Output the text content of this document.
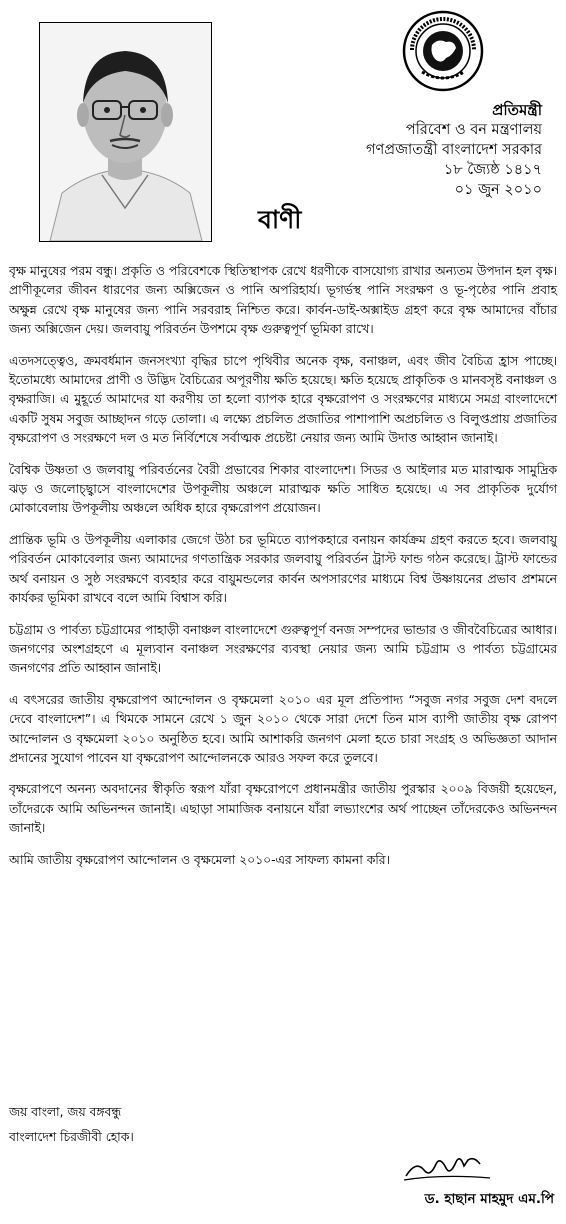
প্রতিমন্ত্রী
পরিবেশ ও বন মন্ত্রণালয়
গণপ্রজাতন্ত্রী বাংলাদেশ সরকার
১৮ জ্যৈষ্ঠ ১৪১৭
০১ জুন ২০১০
বাণী

বৃক্ষ মানুষের পরম বন্ধু। প্রকৃতি ও পরিবেশকে স্থিতিস্থাপক রেখে ধরণীকে বাসযোগ্য রাখার অন্যতম উপদান হল বৃক্ষ। প্রাণীকূলের জীবন ধারণের জন্য অক্সিজেন ও পানি অপরিহার্য। ভূগর্ভস্থ পানি সংরক্ষণ ও ভূ-পৃষ্ঠের পানি প্রবাহ অক্ষুন্ন রেখে বৃক্ষ মানুষের জন্য পানি সরবরাহ নিশ্চিত করে। কার্বন-ডাই-অক্সাইড গ্রহণ করে বৃক্ষ আমাদের বাঁচার জন্য অক্সিজেন দেয়। জলবায়ু পরিবর্তন উপশমে বৃক্ষ গুরুত্বপূর্ণ ভূমিকা রাখে।

এতদসত্ত্বেও, ক্রমবর্ধমান জনসংখ্যা বৃদ্ধির চাপে পৃথিবীর অনেক বৃক্ষ, বনাঞ্চল, এবং জীব বৈচিত্র হ্রাস পাচ্ছে। ইতোমধ্যে আমাদের প্রাণী ও উদ্ভিদ বৈচিত্রের অপূরণীয় ক্ষতি হয়েছে। ক্ষতি হয়েছে প্রাকৃতিক ও মানবসৃষ্ট বনাঞ্চল ও বৃক্ষরাজি। এ মুহূর্তে আমাদের যা করণীয় তা হলো ব্যাপক হারে বৃক্ষরোপণ ও সংরক্ষণের মাধ্যমে সমগ্র বাংলাদেশে একটি সুষম সবুজ আচ্ছাদন গড়ে তোলা। এ লক্ষ্যে প্রচলিত প্রজাতির পাশাপাশি অপ্রচলিত ও বিলুপ্তপ্রায় প্রজাতির বৃক্ষরোপণ ও সংরক্ষণে দল ও মত নির্বিশেষে সর্বাত্মক প্রচেষ্টা নেয়ার জন্য আমি উদাত্ত আহ্বান জানাই।

বৈশ্বিক উষ্ণতা ও জলবায়ু পরিবর্তনের বৈরী প্রভাবের শিকার বাংলাদেশ। সিডর ও আইলার মত মারাত্মক সামুদ্রিক ঝড় ও জলোচ্ছ্বাসে বাংলাদেশের উপকূলীয় অঞ্চলে মারাত্মক ক্ষতি সাধিত হয়েছে। এ সব প্রাকৃতিক দুর্যোগ মোকাবেলায় উপকূলীয় অঞ্চলে অধিক হারে বৃক্ষরোপণ প্রয়োজন।

প্রান্তিক ভূমি ও উপকূলীয় এলাকার জেগে উঠা চর ভূমিতে ব্যাপকহারে বনায়ন কার্যক্রম গ্রহণ করতে হবে। জলবায়ু পরিবর্তন মোকাবেলার জন্য আমাদের গণতান্ত্রিক সরকার জলবায়ু পরিবর্তন ট্রাস্ট ফান্ড গঠন করেছে। ট্রাস্ট ফান্ডের অর্থ বনায়ন ও সুষ্ঠ সংরক্ষণে ব্যবহার করে বায়ুমন্ডলের কার্বন অপসারণের মাধ্যমে বিশ্ব উষ্ণায়নের প্রভাব প্রশমনে কার্যকর ভূমিকা রাখবে বলে আমি বিশ্বাস করি।

চট্টগ্রাম ও পার্বত্য চট্টগ্রামের পাহাড়ী বনাঞ্চল বাংলাদেশে গুরুত্বপূর্ণ বনজ সম্পদের ভান্ডার ও জীববৈচিত্রের আধার। জনগণের অংশগ্রহণে এ মূল্যবান বনাঞ্চল সংরক্ষণের ব্যবস্থা নেয়ার জন্য আমি চট্টগ্রাম ও পার্বত্য চট্টগ্রামের জনগণের প্রতি আহ্বান জানাই।

এ বৎসরের জাতীয় বৃক্ষরোপণ আন্দোলন ও বৃক্ষমেলা ২০১০ এর মূল প্রতিপাদ্য “সবুজ নগর সবুজ দেশ বদলে দেবে বাংলাদেশ”। এ থিমকে সামনে রেখে ১ জুন ২০১০ থেকে সারা দেশে তিন মাস ব্যাপী জাতীয় বৃক্ষ রোপণ আন্দোলন ও বৃক্ষমেলা ২০১০ অনুষ্ঠিত হবে। আমি আশাকরি জনগণ মেলা হতে চারা সংগ্রহ ও অভিজ্ঞতা আদান প্রদানের সুযোগ পাবেন যা বৃক্ষরোপণ আন্দোলনকে আরও সফল করে তুলবে।

বৃক্ষরোপণে অনন্য অবদানের স্বীকৃতি স্বরূপ যাঁরা বৃক্ষরোপণে প্রধানমন্ত্রীর জাতীয় পুরস্কার ২০০৯ বিজয়ী হয়েছেন, তাঁদেরকে আমি অভিনন্দন জানাই। এছাড়া সামাজিক বনায়নে যাঁরা লভ্যাংশের অর্থ পাচ্ছেন তাঁদেরকেও অভিনন্দন জানাই।

আমি জাতীয় বৃক্ষরোপণ আন্দোলন ও বৃক্ষমেলা ২০১০-এর সাফল্য কামনা করি।

জয় বাংলা, জয় বঙ্গবন্ধু
বাংলাদেশ চিরজীবী হোক।
ড. হাছান মাহমুদ এম.পি
